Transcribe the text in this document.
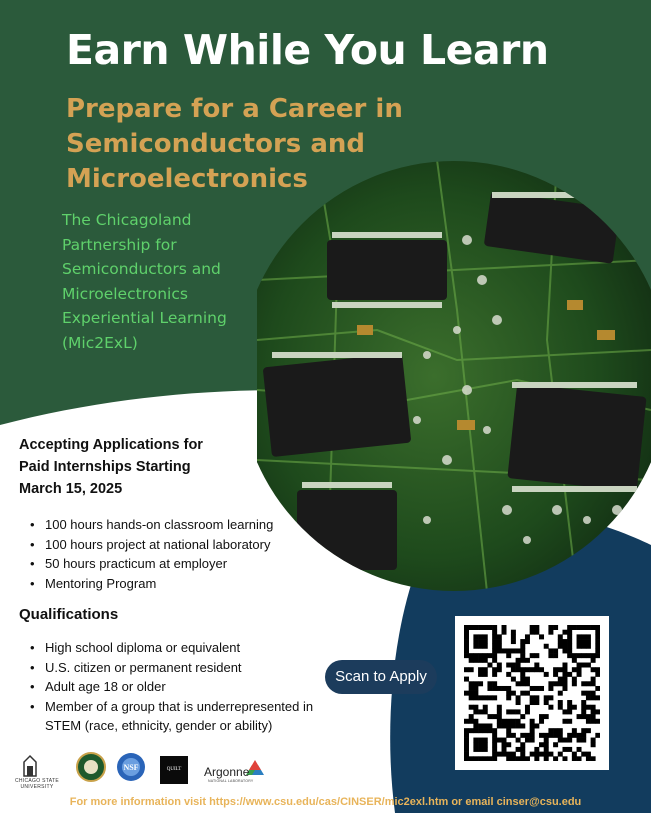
Earn While You Learn
Prepare for a Career in Semiconductors and Microelectronics

The Chicagoland Partnership for Semiconductors and Microelectronics Experiential Learning (Mic2ExL)

Accepting Applications for
Paid Internships Starting
March 15, 2025
• 100 hours hands-on classroom learning
• 100 hours project at national laboratory
• 50 hours practicum at employer
• Mentoring Program
Qualifications
• High school diploma or equivalent
• U.S. citizen or permanent resident
• Adult age 18 or older
• Member of a group that is underrepresented in STEM (race, ethnicity, gender or ability)
Scan to Apply
NSF
CHICAGO STATE UNIVERSITY
QUILT	Argonne
NATIONAL LABORATORY

For more information visit https://www.csu.edu/cas/CINSER/mic2exl.htm or email cinser@csu.edu
